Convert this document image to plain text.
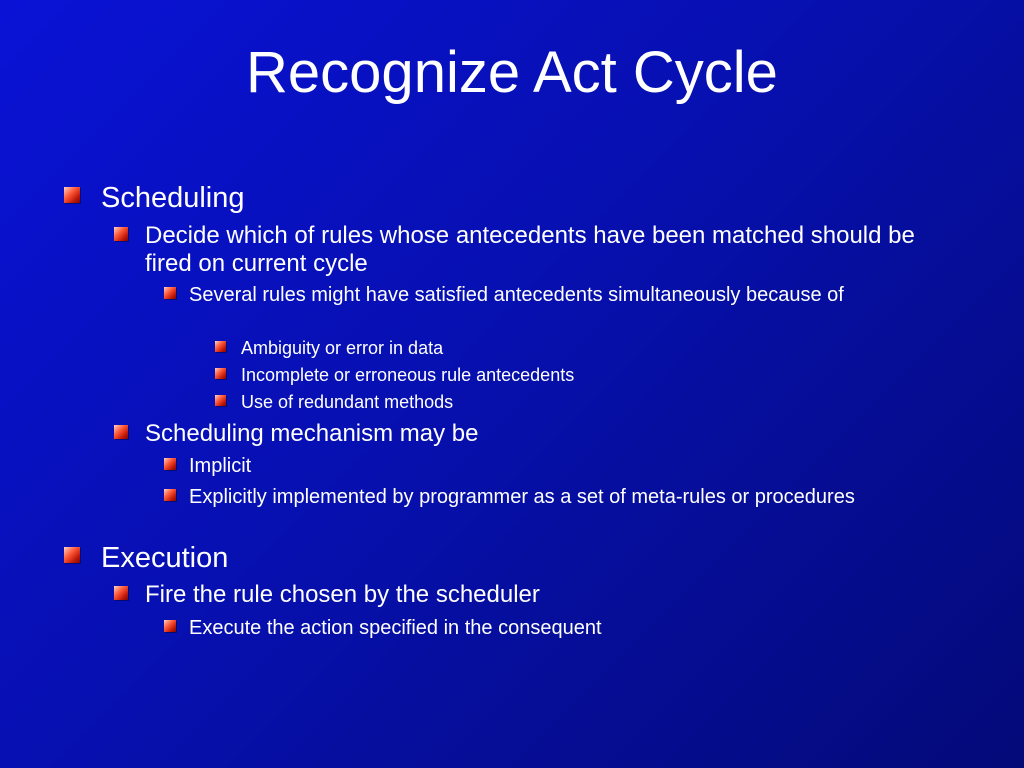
Recognize Act Cycle
Scheduling
Decide which of rules whose antecedents have been matched should be fired on current cycle
Several rules might have satisfied antecedents simultaneously because of
Ambiguity or error in data
Incomplete or erroneous rule antecedents
Use of redundant methods
Scheduling mechanism may be
Implicit
Explicitly implemented by programmer as a set of meta-rules or procedures
Execution
Fire the rule chosen by the scheduler
Execute the action specified in the consequent
